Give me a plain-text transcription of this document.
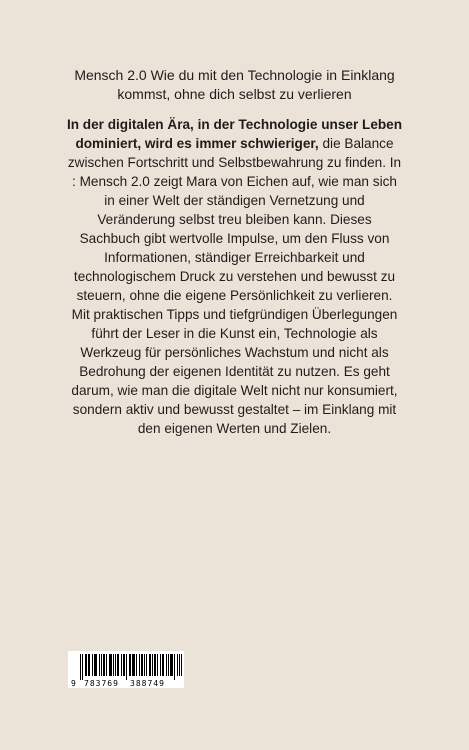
Mensch 2.0 Wie du mit den Technologie in Einklang
kommst, ohne dich selbst zu verlieren

In der digitalen Ära, in der Technologie unser Leben dominiert, wird es immer schwieriger, die Balance zwischen Fortschritt und Selbstbewahrung zu finden. In : Mensch 2.0 zeigt Mara von Eichen auf, wie man sich in einer Welt der ständigen Vernetzung und Veränderung selbst treu bleiben kann. Dieses Sachbuch gibt wertvolle Impulse, um den Fluss von Informationen, ständiger Erreichbarkeit und technologischem Druck zu verstehen und bewusst zu steuern, ohne die eigene Persönlichkeit zu verlieren.

Mit praktischen Tipps und tiefgründigen Überlegungen führt der Leser in die Kunst ein, Technologie als Werkzeug für persönliches Wachstum und nicht als Bedrohung der eigenen Identität zu nutzen. Es geht darum, wie man die digitale Welt nicht nur konsumiert, sondern aktiv und bewusst gestaltet – im Einklang mit den eigenen Werten und Zielen.

9 783769 388749
